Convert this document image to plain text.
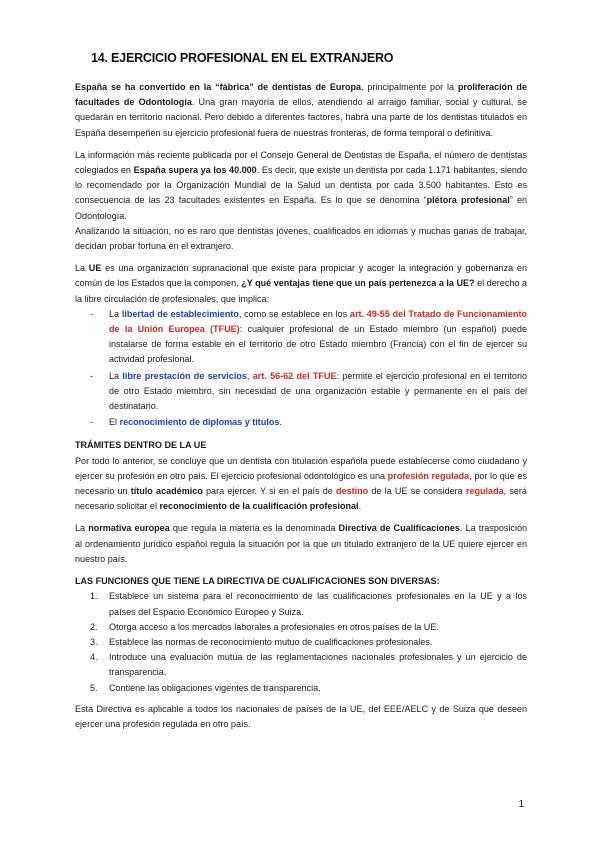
14. EJERCICIO PROFESIONAL EN EL EXTRANJERO

España se ha convertido en la “fábrica” de dentistas de Europa, principalmente por la proliferación de facultades de Odontología. Una gran mayoría de ellos, atendiendo al arraigo familiar, social y cultural, se quedarán en territorio nacional. Pero debido a diferentes factores, habrá una parte de los dentistas titulados en España desempeñen su ejercicio profesional fuera de nuestras fronteras, de forma temporal o definitiva.

La información más reciente publicada por el Consejo General de Dentistas de España, el número de dentistas colegiados en España supera ya los 40.000. Es decir, que existe un dentista por cada 1.171 habitantes, siendo lo recomendado por la Organización Mundial de la Salud un dentista por cada 3.500 habitantes. Esto es consecuencia de las 23 facultades existentes en España. Es lo que se denomina “plétora profesional” en Odontología.

Analizando la situación, no es raro que dentistas jóvenes, cualificados en idiomas y muchas ganas de trabajar, decidan probar fortuna en el extranjero.

La UE es una organización supranacional que existe para propiciar y acoger la integración y gobernanza en común de los Estados que la componen. ¿Y qué ventajas tiene que un país pertenezca a la UE? el derecho a la libre circulación de profesionales, que implica:

- La libertad de establecimiento, como se establece en los art. 49-55 del Tratado de Funcionamiento de la Unión Europea (TFUE): cualquier profesional de un Estado miembro (un español) puede instalarse de forma estable en el territorio de otro Estado miembro (Francia) con el fin de ejercer su actividad profesional.
- La libre prestación de servicios, art. 56-62 del TFUE: permite el ejercicio profesional en el territorio de otro Estado miembro, sin necesidad de una organización estable y permanente en el país del destinatario.
- El reconocimiento de diplomas y títulos.
TRÁMITES DENTRO DE LA UE

Por todo lo anterior, se concluye que un dentista con titulación española puede establecerse como ciudadano y ejercer su profesión en otro país. El ejercicio profesional odontológico es una profesión regulada, por lo que es necesario un título académico para ejercer. Y si en el país de destino de la UE se considera regulada, será necesario solicitar el reconocimiento de la cualificación profesional.

La normativa europea que regula la materia es la denominada Directiva de Cualificaciones. La trasposición al ordenamiento jurídico español regula la situación por la que un titulado extranjero de la UE quiere ejercer en nuestro país.

LAS FUNCIONES QUE TIENE LA DIRECTIVA DE CUALIFICACIONES SON DIVERSAS:
1. Establece un sistema para el reconocimiento de las cualificaciones profesionales en la UE y a los países del Espacio Económico Europeo y Suiza.
2. Otorga acceso a los mercados laborales a profesionales en otros países de la UE.
3. Establece las normas de reconocimiento mutuo de cualificaciones profesionales.
4. Introduce una evaluación mutua de las reglamentaciones nacionales profesionales y un ejercicio de transparencia.
5. Contiene las obligaciones vigentes de transparencia.

Esta Directiva es aplicable a todos los nacionales de países de la UE, del EEE/AELC y de Suiza que deseen ejercer una profesión regulada en otro país.

1
